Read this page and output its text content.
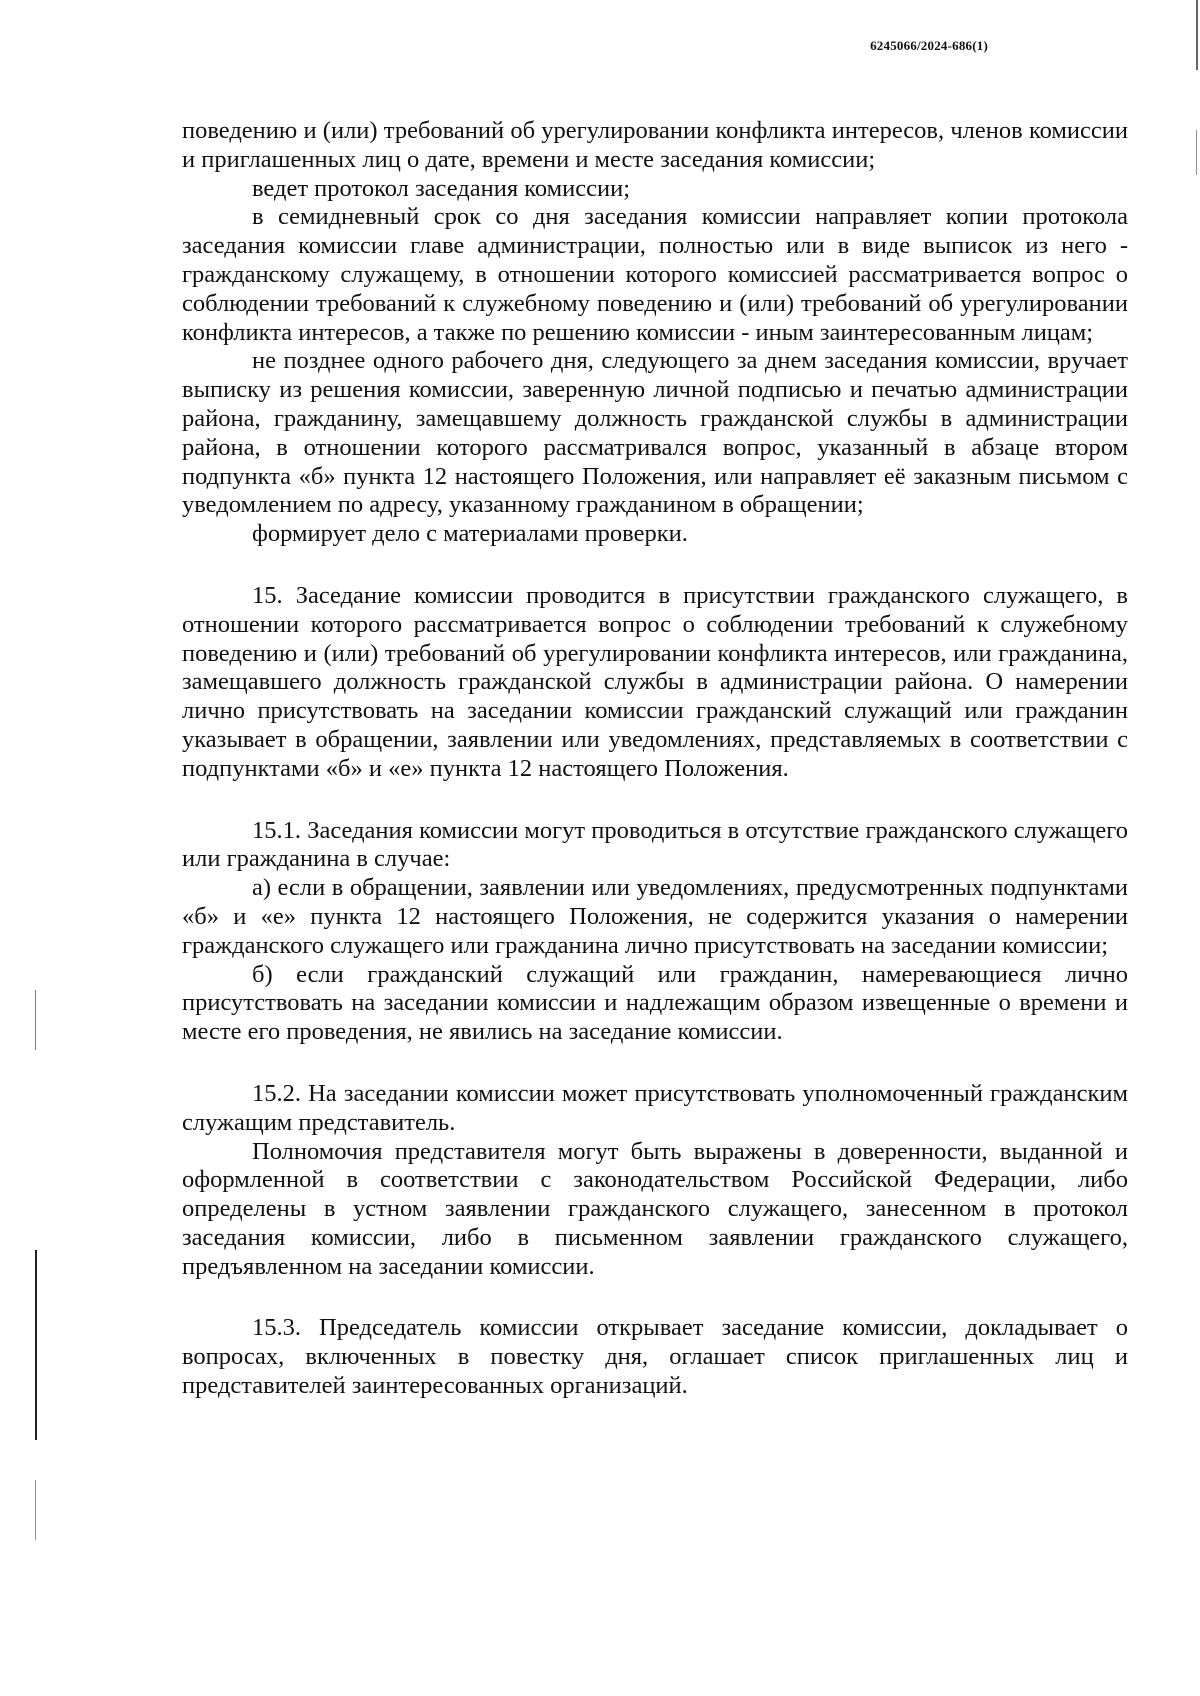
6245066/2024-686(1)

поведению и (или) требований об урегулировании конфликта интересов, членов комиссии и приглашенных лиц о дате, времени и месте заседания комиссии;

ведет протокол заседания комиссии;

в семидневный срок со дня заседания комиссии направляет копии протокола заседания комиссии главе администрации, полностью или в виде выписок из него - гражданскому служащему, в отношении которого комиссией рассматривается вопрос о соблюдении требований к служебному поведению и (или) требований об урегулировании конфликта интересов, а также по решению комиссии - иным заинтересованным лицам;

не позднее одного рабочего дня, следующего за днем заседания комиссии, вручает выписку из решения комиссии, заверенную личной подписью и печатью администрации района, гражданину, замещавшему должность гражданской службы в администрации района, в отношении которого рассматривался вопрос, указанный в абзаце втором подпункта «б» пункта 12 настоящего Положения, или направляет её заказным письмом с уведомлением по адресу, указанному гражданином в обращении;

формирует дело с материалами проверки.

15. Заседание комиссии проводится в присутствии гражданского служащего, в отношении которого рассматривается вопрос о соблюдении требований к служебному поведению и (или) требований об урегулировании конфликта интересов, или гражданина, замещавшего должность гражданской службы в администрации района. О намерении лично присутствовать на заседании комиссии гражданский служащий или гражданин указывает в обращении, заявлении или уведомлениях, представляемых в соответствии с подпунктами «б» и «е» пункта 12 настоящего Положения.

15.1. Заседания комиссии могут проводиться в отсутствие гражданского служащего или гражданина в случае:

а) если в обращении, заявлении или уведомлениях, предусмотренных подпунктами «б» и «е» пункта 12 настоящего Положения, не содержится указания о намерении гражданского служащего или гражданина лично присутствовать на заседании комиссии;

б) если гражданский служащий или гражданин, намеревающиеся лично присутствовать на заседании комиссии и надлежащим образом извещенные о времени и месте его проведения, не явились на заседание комиссии.

15.2. На заседании комиссии может присутствовать уполномоченный гражданским служащим представитель.

Полномочия представителя могут быть выражены в доверенности, выданной и оформленной в соответствии с законодательством Российской Федерации, либо определены в устном заявлении гражданского служащего, занесенном в протокол заседания комиссии, либо в письменном заявлении гражданского служащего, предъявленном на заседании комиссии.

15.3. Председатель комиссии открывает заседание комиссии, докладывает о вопросах, включенных в повестку дня, оглашает список приглашенных лиц и представителей заинтересованных организаций.
